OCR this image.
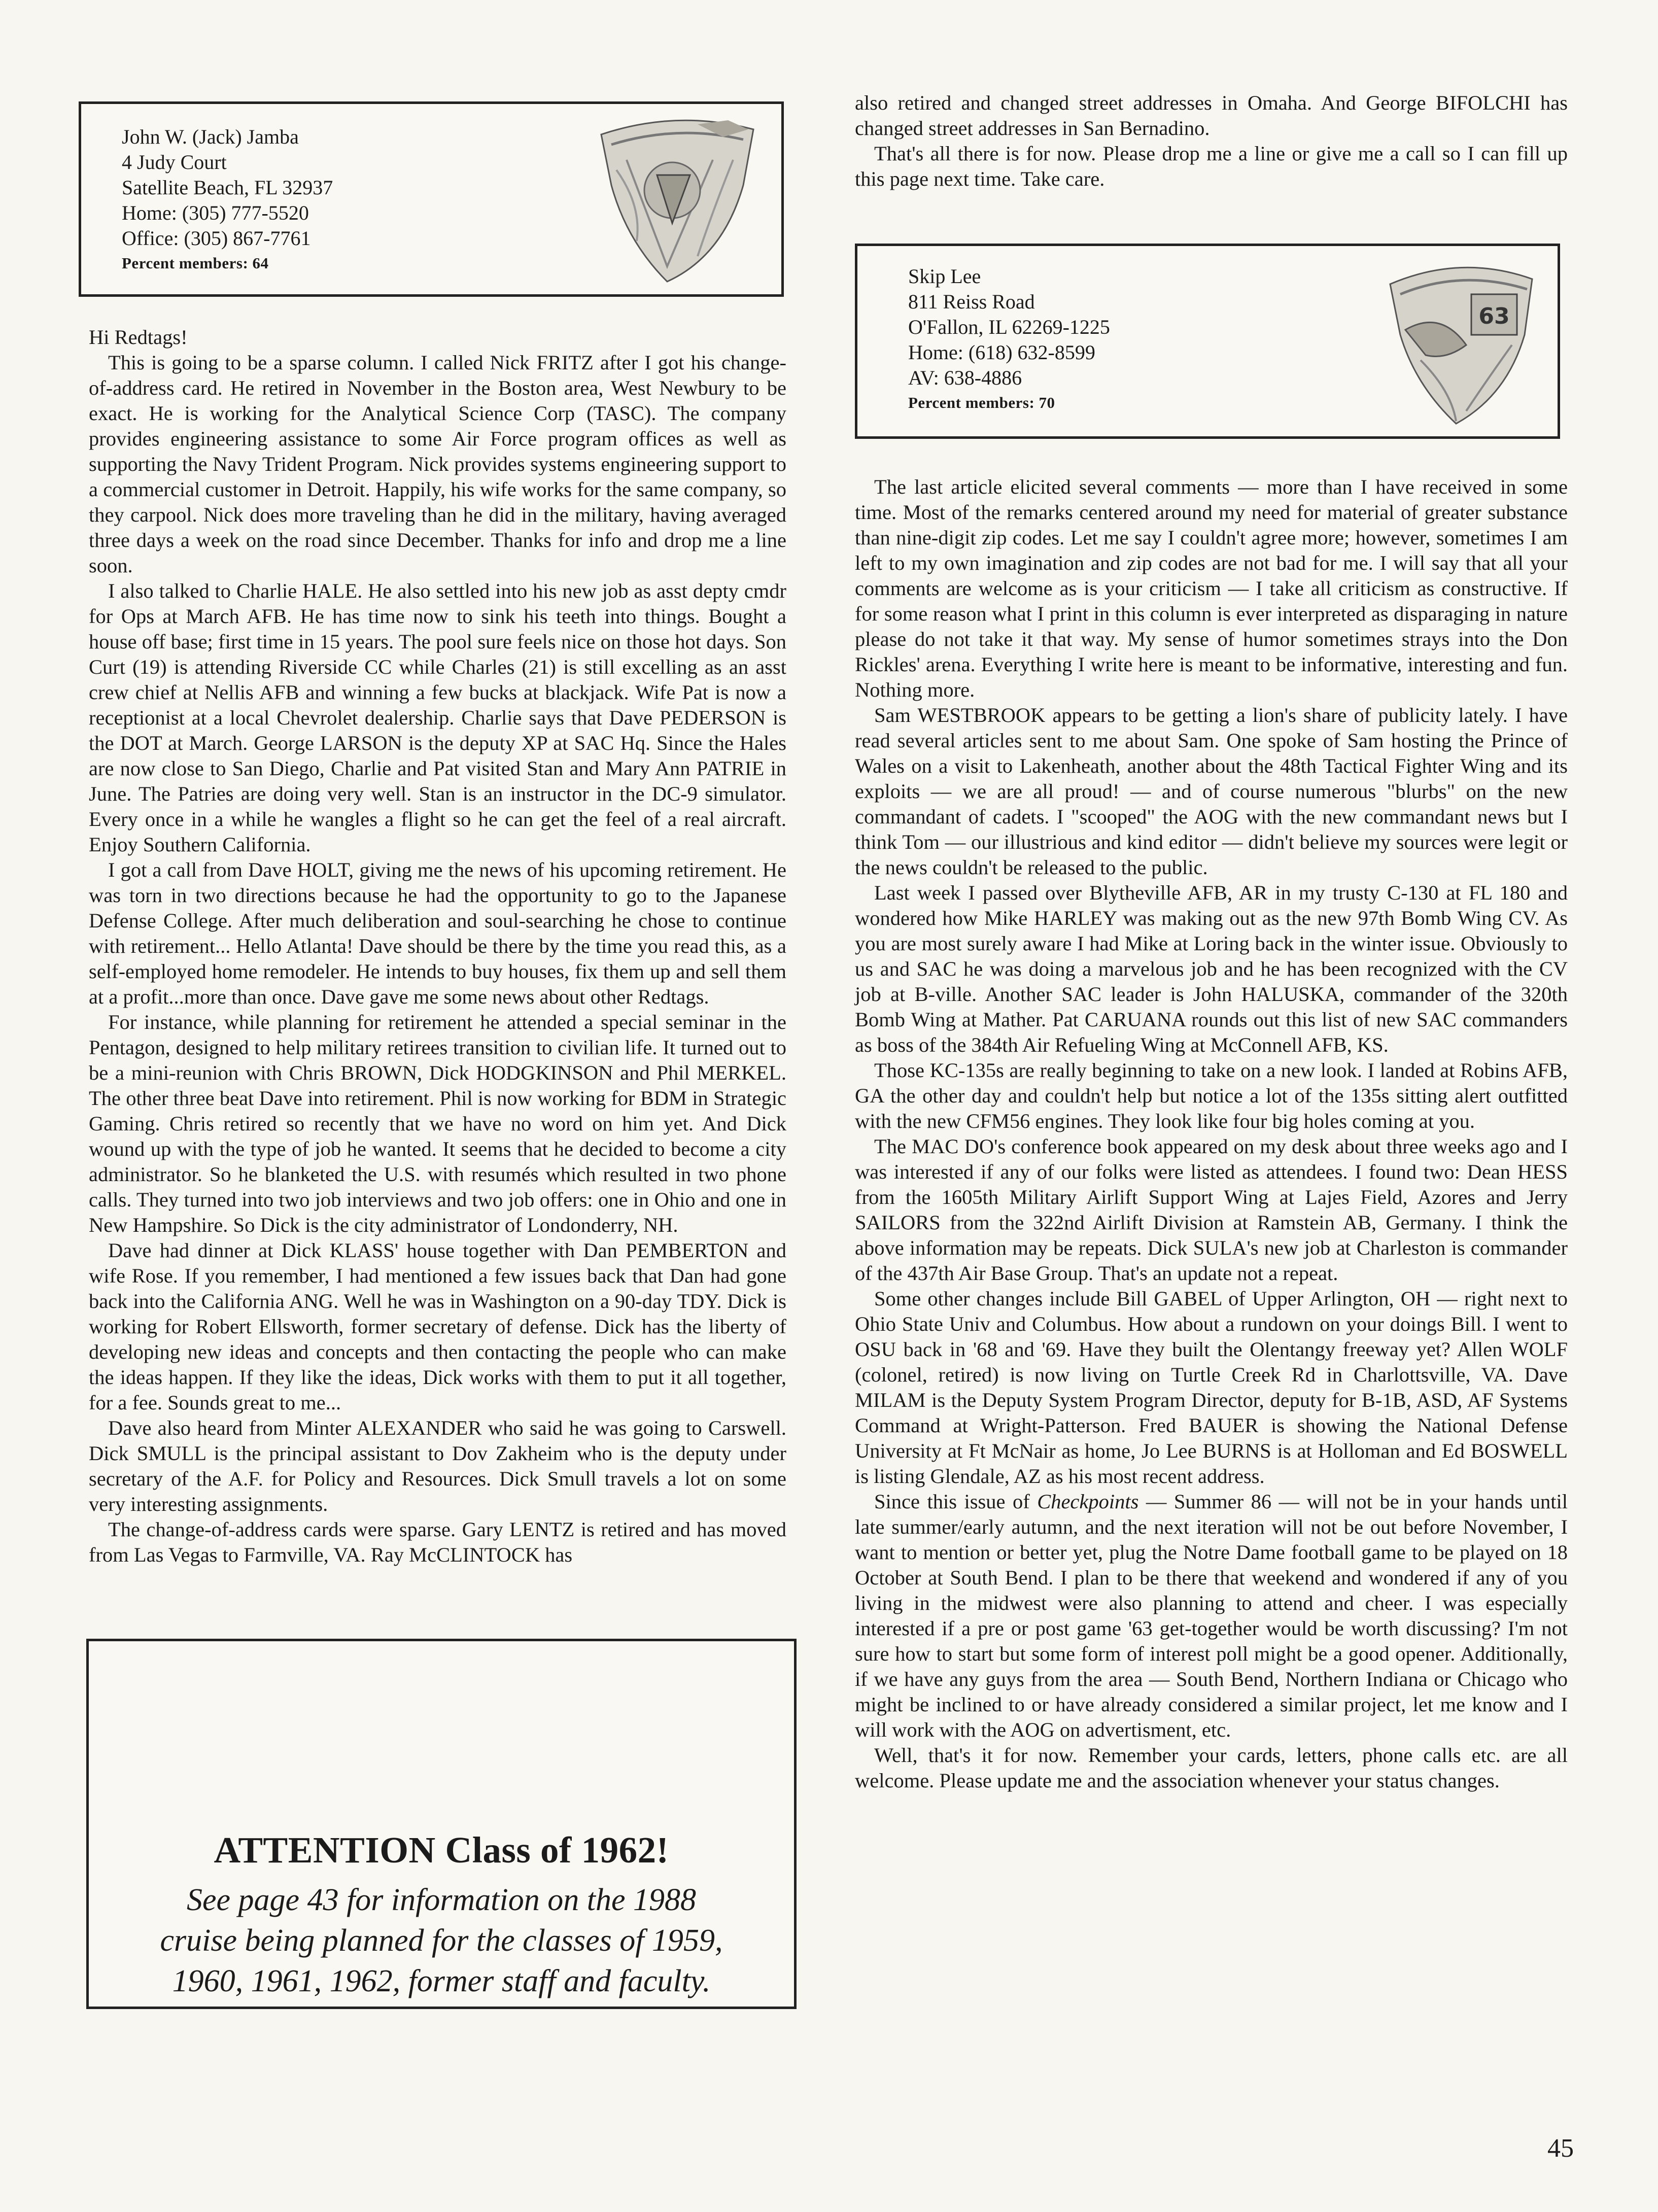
John W. (Jack) Jamba
4 Judy Court
Satellite Beach, FL 32937
Home: (305) 777-5520
Office: (305) 867-7761
Percent members: 64

Hi Redtags!

This is going to be a sparse column. I called Nick FRITZ after I got his change-of-address card. He retired in November in the Boston area, West Newbury to be exact. He is working for the Analytical Science Corp (TASC). The company provides engineering assistance to some Air Force program offices as well as supporting the Navy Trident Program. Nick provides systems engineering support to a commercial customer in Detroit. Happily, his wife works for the same company, so they carpool. Nick does more traveling than he did in the military, having averaged three days a week on the road since December. Thanks for info and drop me a line soon.

I also talked to Charlie HALE. He also settled into his new job as asst depty cmdr for Ops at March AFB. He has time now to sink his teeth into things. Bought a house off base; first time in 15 years. The pool sure feels nice on those hot days. Son Curt (19) is attending Riverside CC while Charles (21) is still excelling as an asst crew chief at Nellis AFB and winning a few bucks at blackjack. Wife Pat is now a receptionist at a local Chevrolet dealership. Charlie says that Dave PEDERSON is the DOT at March. George LARSON is the deputy XP at SAC Hq. Since the Hales are now close to San Diego, Charlie and Pat visited Stan and Mary Ann PATRIE in June. The Patries are doing very well. Stan is an instructor in the DC-9 simulator. Every once in a while he wangles a flight so he can get the feel of a real aircraft. Enjoy Southern California.

I got a call from Dave HOLT, giving me the news of his upcoming retirement. He was torn in two directions because he had the opportunity to go to the Japanese Defense College. After much deliberation and soul-searching he chose to continue with retirement... Hello Atlanta! Dave should be there by the time you read this, as a self-employed home remodeler. He intends to buy houses, fix them up and sell them at a profit...more than once. Dave gave me some news about other Redtags.

For instance, while planning for retirement he attended a special seminar in the Pentagon, designed to help military retirees transition to civilian life. It turned out to be a mini-reunion with Chris BROWN, Dick HODGKINSON and Phil MERKEL. The other three beat Dave into retirement. Phil is now working for BDM in Strategic Gaming. Chris retired so recently that we have no word on him yet. And Dick wound up with the type of job he wanted. It seems that he decided to become a city administrator. So he blanketed the U.S. with resumés which resulted in two phone calls. They turned into two job interviews and two job offers: one in Ohio and one in New Hampshire. So Dick is the city administrator of Londonderry, NH.

Dave had dinner at Dick KLASS' house together with Dan PEMBERTON and wife Rose. If you remember, I had mentioned a few issues back that Dan had gone back into the California ANG. Well he was in Washington on a 90-day TDY. Dick is working for Robert Ellsworth, former secretary of defense. Dick has the liberty of developing new ideas and concepts and then contacting the people who can make the ideas happen. If they like the ideas, Dick works with them to put it all together, for a fee. Sounds great to me...

Dave also heard from Minter ALEXANDER who said he was going to Carswell. Dick SMULL is the principal assistant to Dov Zakheim who is the deputy under secretary of the A.F. for Policy and Resources. Dick Smull travels a lot on some very interesting assignments.

The change-of-address cards were sparse. Gary LENTZ is retired and has moved from Las Vegas to Farmville, VA. Ray McCLINTOCK has

ATTENTION Class of 1962!
See page 43 for information on the 1988
cruise being planned for the classes of 1959,
1960, 1961, 1962, former staff and faculty.

also retired and changed street addresses in Omaha. And George BIFOLCHI has changed street addresses in San Bernadino.

That's all there is for now. Please drop me a line or give me a call so I can fill up this page next time. Take care.

Skip Lee
811 Reiss Road
O'Fallon, IL 62269-1225
Home: (618) 632-8599
AV: 638-4886
Percent members: 70
63

The last article elicited several comments — more than I have received in some time. Most of the remarks centered around my need for material of greater substance than nine-digit zip codes. Let me say I couldn't agree more; however, sometimes I am left to my own imagination and zip codes are not bad for me. I will say that all your comments are welcome as is your criticism — I take all criticism as constructive. If for some reason what I print in this column is ever interpreted as disparaging in nature please do not take it that way. My sense of humor sometimes strays into the Don Rickles' arena. Everything I write here is meant to be informative, interesting and fun. Nothing more.

Sam WESTBROOK appears to be getting a lion's share of publicity lately. I have read several articles sent to me about Sam. One spoke of Sam hosting the Prince of Wales on a visit to Lakenheath, another about the 48th Tactical Fighter Wing and its exploits — we are all proud! — and of course numerous "blurbs" on the new commandant of cadets. I "scooped" the AOG with the new commandant news but I think Tom — our illustrious and kind editor — didn't believe my sources were legit or the news couldn't be released to the public.

Last week I passed over Blytheville AFB, AR in my trusty C-130 at FL 180 and wondered how Mike HARLEY was making out as the new 97th Bomb Wing CV. As you are most surely aware I had Mike at Loring back in the winter issue. Obviously to us and SAC he was doing a marvelous job and he has been recognized with the CV job at B-ville. Another SAC leader is John HALUSKA, commander of the 320th Bomb Wing at Mather. Pat CARUANA rounds out this list of new SAC commanders as boss of the 384th Air Refueling Wing at McConnell AFB, KS.

Those KC-135s are really beginning to take on a new look. I landed at Robins AFB, GA the other day and couldn't help but notice a lot of the 135s sitting alert outfitted with the new CFM56 engines. They look like four big holes coming at you.

The MAC DO's conference book appeared on my desk about three weeks ago and I was interested if any of our folks were listed as attendees. I found two: Dean HESS from the 1605th Military Airlift Support Wing at Lajes Field, Azores and Jerry SAILORS from the 322nd Airlift Division at Ramstein AB, Germany. I think the above information may be repeats. Dick SULA's new job at Charleston is commander of the 437th Air Base Group. That's an update not a repeat.

Some other changes include Bill GABEL of Upper Arlington, OH — right next to Ohio State Univ and Columbus. How about a rundown on your doings Bill. I went to OSU back in '68 and '69. Have they built the Olentangy freeway yet? Allen WOLF (colonel, retired) is now living on Turtle Creek Rd in Charlottsville, VA. Dave MILAM is the Deputy System Program Director, deputy for B-1B, ASD, AF Systems Command at Wright-Patterson. Fred BAUER is showing the National Defense University at Ft McNair as home, Jo Lee BURNS is at Holloman and Ed BOSWELL is listing Glendale, AZ as his most recent address.

Since this issue of Checkpoints — Summer 86 — will not be in your hands until late summer/early autumn, and the next iteration will not be out before November, I want to mention or better yet, plug the Notre Dame football game to be played on 18 October at South Bend. I plan to be there that weekend and wondered if any of you living in the midwest were also planning to attend and cheer. I was especially interested if a pre or post game '63 get-together would be worth discussing? I'm not sure how to start but some form of interest poll might be a good opener. Additionally, if we have any guys from the area — South Bend, Northern Indiana or Chicago who might be inclined to or have already considered a similar project, let me know and I will work with the AOG on advertisment, etc.

Well, that's it for now. Remember your cards, letters, phone calls etc. are all welcome. Please update me and the association whenever your status changes.

45
